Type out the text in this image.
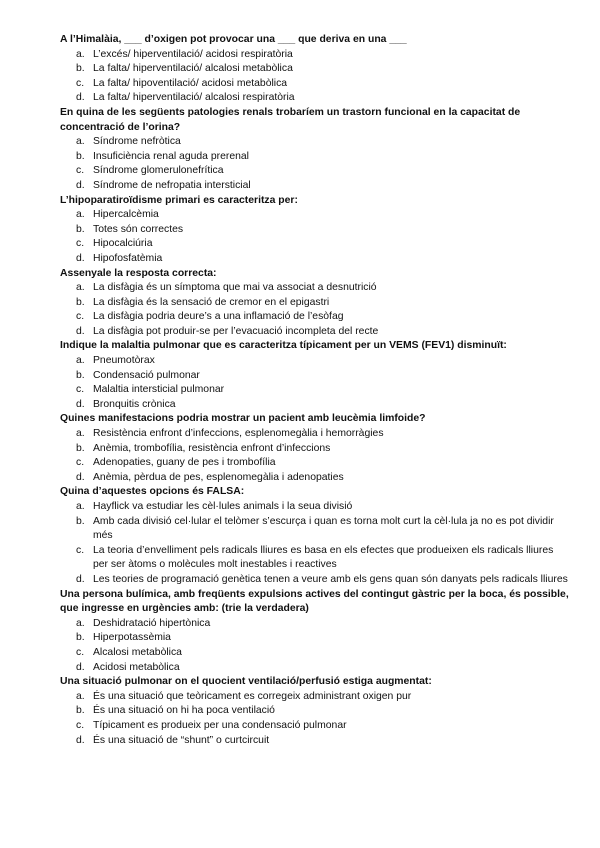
A l’Himalàia, ___ d’oxigen pot provocar una ___ que deriva en una ___

a. L’excés/ hiperventilació/ acidosi respiratòria
b. La falta/ hiperventilació/ alcalosi metabòlica
c. La falta/ hipoventilació/ acidosi metabòlica
d. La falta/ hiperventilació/ alcalosi respiratòria

En quina de les següents patologies renals trobaríem un trastorn funcional en la capacitat de concentració de l’orina?

a. Síndrome nefròtica
b. Insuficiència renal aguda prerenal
c. Síndrome glomerulonefrítica
d. Síndrome de nefropatia intersticial

L’hipoparatiroïdisme primari es caracteritza per:

a. Hipercalcèmia
b. Totes són correctes
c. Hipocalciúria
d. Hipofosfatèmia

Assenyale la resposta correcta:

a. La disfàgia és un símptoma que mai va associat a desnutrició
b. La disfàgia és la sensació de cremor en el epigastri
c. La disfàgia podria deure’s a una inflamació de l’esòfag
d. La disfàgia pot produir-se per l’evacuació incompleta del recte

Indique la malaltia pulmonar que es caracteritza típicament per un VEMS (FEV1) disminuït:

a. Pneumotòrax
b. Condensació pulmonar
c. Malaltia intersticial pulmonar
d. Bronquitis crònica

Quines manifestacions podria mostrar un pacient amb leucèmia limfoide?

a. Resistència enfront d’infeccions, esplenomegàlia i hemorràgies
b. Anèmia, trombofília, resistència enfront d’infeccions
c. Adenopaties, guany de pes i trombofília
d. Anèmia, pèrdua de pes, esplenomegàlia i adenopaties

Quina d’aquestes opcions és FALSA:

a. Hayflick va estudiar les cèl·lules animals i la seua divisió
b. Amb cada divisió cel·lular el telòmer s’escurça i quan es torna molt curt la cèl·lula ja no es pot dividir més
c. La teoria d’envelliment pels radicals lliures es basa en els efectes que produeixen els radicals lliures per ser àtoms o molècules molt inestables i reactives
d. Les teories de programació genètica tenen a veure amb els gens quan són danyats pels radicals lliures

Una persona bulímica, amb freqüents expulsions actives del contingut gàstric per la boca, és possible, que ingresse en urgències amb: (trie la verdadera)

a. Deshidratació hipertònica
b. Hiperpotassèmia
c. Alcalosi metabòlica
d. Acidosi metabòlica

Una situació pulmonar on el quocient ventilació/perfusió estiga augmentat:

a. És una situació que teòricament es corregeix administrant oxigen pur
b. És una situació on hi ha poca ventilació
c. Típicament es produeix per una condensació pulmonar
d. És una situació de “shunt” o curtcircuit
